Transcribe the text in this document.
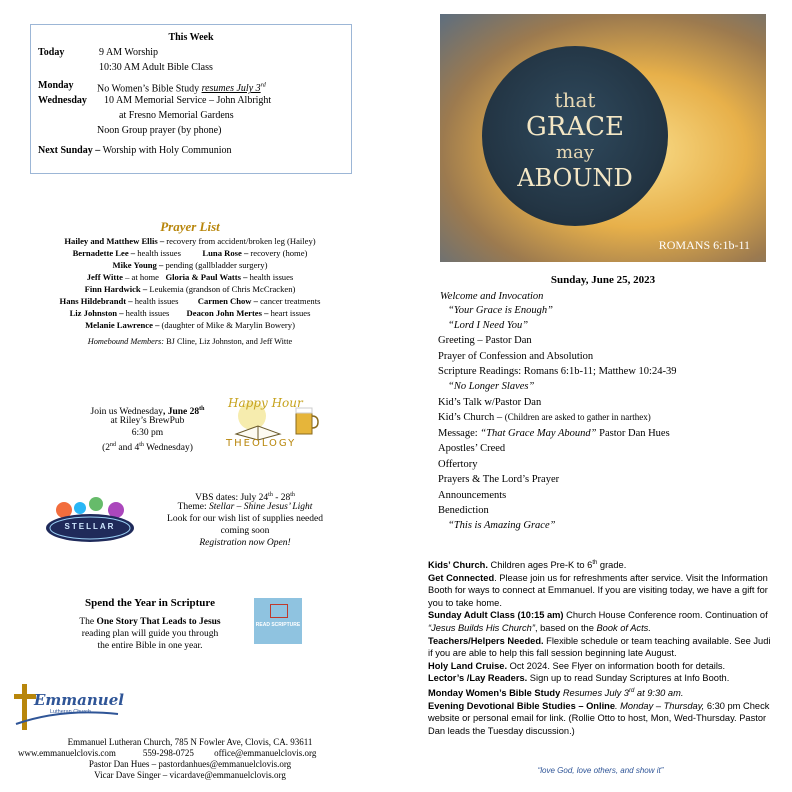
This Week
Today	9 AM Worship
10:30 AM Adult Bible Class
Monday No Women’s Bible Study resumes July 3rd
Wednesday 10 AM Memorial Service – John Albright
at Fresno Memorial Gardens
Noon Group prayer (by phone)
Next Sunday – Worship with Holy Communion
Prayer List
Hailey and Matthew Ellis – recovery from accident/broken leg (Hailey)
Bernadette Lee – health issues Luna Rose – recovery (home)
Mike Young – pending (gallbladder surgery)
Jeff Witte – at home Gloria & Paul Watts – health issues
Finn Hardwick – Leukemia (grandson of Chris McCracken)
Hans Hildebrandt – health issues Carmen Chow – cancer treatments
Liz Johnston – health issues Deacon John Mertes – heart issues
Melanie Lawrence – (daughter of Mike & Marylin Bowery)
Homebound Members: BJ Cline, Liz Johnston, and Jeff Witte
Join us Wednesday, June 28th
at Riley’s BrewPub
6:30 pm
(2nd and 4th Wednesday)
Happy Hour
THEOLOGY
STELLAR
VBS dates: July 24th - 28th
Theme: Stellar – Shine Jesus’ Light
Look for our wish list of supplies needed
coming soon
Registration now Open!
Spend the Year in Scripture
The One Story That Leads to Jesus
reading plan will guide you through
the entire Bible in one year.
READ SCRIPTURE
Emmanuel
Lutheran Church
Emmanuel Lutheran Church, 785 N Fowler Ave, Clovis, CA. 93611
www.emmanuelclovis.com	559-298-0725 office@emmanuelclovis.org
Pastor Dan Hues – pastordanhues@emmanuelclovis.org
Vicar Dave Singer – vicardave@emmanuelclovis.org
that
GRACE
may
ABOUND
ROMANS 6:1b-11
Sunday, June 25, 2023
Welcome and Invocation
“Your Grace is Enough”
“Lord I Need You”
Greeting – Pastor Dan
Prayer of Confession and Absolution
Scripture Readings: Romans 6:1b-11; Matthew 10:24-39
“No Longer Slaves”
Kid’s Talk w/Pastor Dan
Kid’s Church – (Children are asked to gather in narthex)
Message: “That Grace May Abound” Pastor Dan Hues
Apostles’ Creed
Offertory
Prayers & The Lord’s Prayer
Announcements
Benediction
“This is Amazing Grace”
Kids’ Church. Children ages Pre-K to 6th grade.
Get Connected. Please join us for refreshments after service. Visit the Information Booth for ways to connect at Emmanuel. If you are visiting today, we have a gift for you to take home.
Sunday Adult Class (10:15 am) Church House Conference room. Continuation of “Jesus Builds His Church”, based on the Book of Acts.
Teachers/Helpers Needed. Flexible schedule or team teaching available. See Judi if you are able to help this fall session beginning late August.
Holy Land Cruise. Oct 2024. See Flyer on information booth for details.
Lector’s /Lay Readers. Sign up to read Sunday Scriptures at Info Booth.
Monday Women’s Bible Study Resumes July 3rd at 9:30 am.
Evening Devotional Bible Studies – Online. Monday – Thursday, 6:30 pm Check website or personal email for link. (Rollie Otto to host, Mon, Wed-Thursday. Pastor Dan leads the Tuesday discussion.)
“love God, love others, and show it”
